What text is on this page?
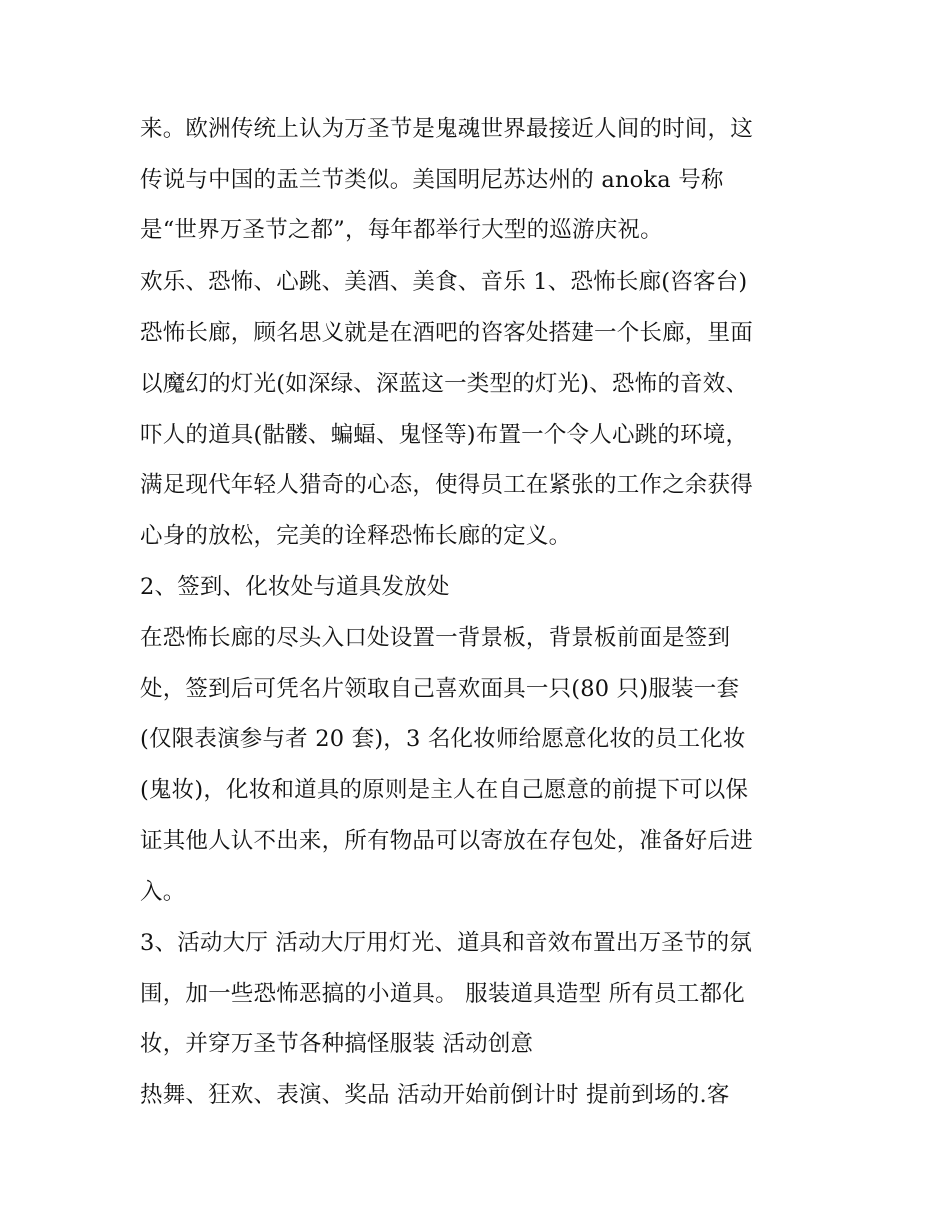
来。欧洲传统上认为万圣节是鬼魂世界最接近人间的时间，这
传说与中国的盂兰节类似。美国明尼苏达州的 anoka 号称
是“世界万圣节之都”，每年都举行大型的巡游庆祝。
欢乐、恐怖、心跳、美酒、美食、音乐 1、恐怖长廊(咨客台)
恐怖长廊，顾名思义就是在酒吧的咨客处搭建一个长廊，里面
以魔幻的灯光(如深绿、深蓝这一类型的灯光)、恐怖的音效、
吓人的道具(骷髅、蝙蝠、鬼怪等)布置一个令人心跳的环境，
满足现代年轻人猎奇的心态，使得员工在紧张的工作之余获得
心身的放松，完美的诠释恐怖长廊的定义。
2、签到、化妆处与道具发放处
在恐怖长廊的尽头入口处设置一背景板，背景板前面是签到
处，签到后可凭名片领取自己喜欢面具一只(80 只)服装一套
(仅限表演参与者 20 套)，3 名化妆师给愿意化妆的员工化妆
(鬼妆)，化妆和道具的原则是主人在自己愿意的前提下可以保
证其他人认不出来，所有物品可以寄放在存包处，准备好后进
入。
3、活动大厅 活动大厅用灯光、道具和音效布置出万圣节的氛
围，加一些恐怖恶搞的小道具。 服装道具造型 所有员工都化
妆，并穿万圣节各种搞怪服装 活动创意
热舞、狂欢、表演、奖品 活动开始前倒计时 提前到场的.客
